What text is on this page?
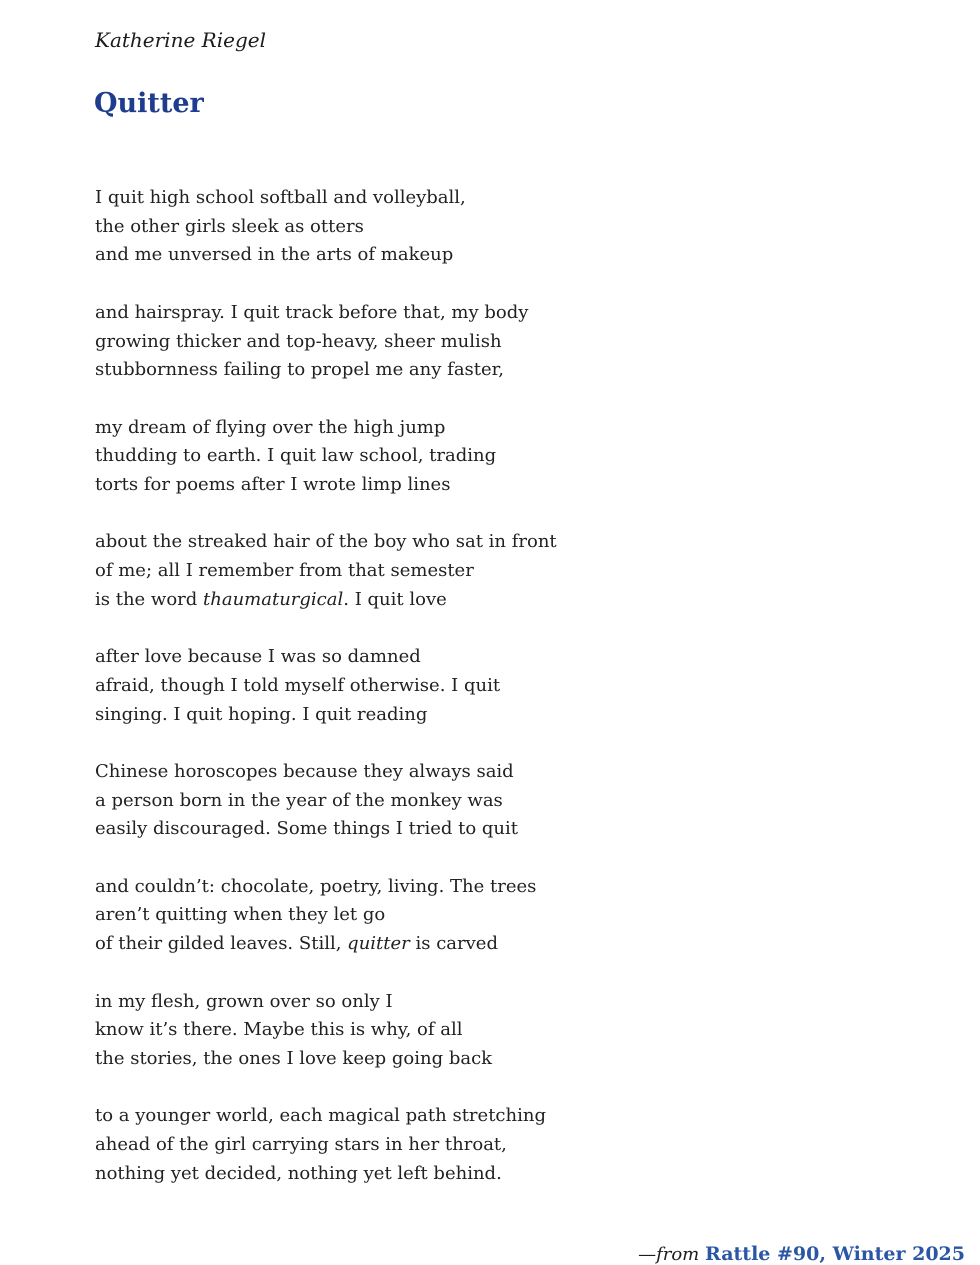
Katherine Riegel
Quitter
I quit high school softball and volleyball,
the other girls sleek as otters
and me unversed in the arts of makeup
and hairspray. I quit track before that, my body
growing thicker and top-heavy, sheer mulish
stubbornness failing to propel me any faster,
my dream of flying over the high jump
thudding to earth. I quit law school, trading
torts for poems after I wrote limp lines
about the streaked hair of the boy who sat in front
of me; all I remember from that semester
is the word thaumaturgical. I quit love
after love because I was so damned
afraid, though I told myself otherwise. I quit
singing. I quit hoping. I quit reading
Chinese horoscopes because they always said
a person born in the year of the monkey was
easily discouraged. Some things I tried to quit
and couldn’t: chocolate, poetry, living. The trees
aren’t quitting when they let go
of their gilded leaves. Still, quitter is carved
in my flesh, grown over so only I
know it’s there. Maybe this is why, of all
the stories, the ones I love keep going back
to a younger world, each magical path stretching
ahead of the girl carrying stars in her throat,
nothing yet decided, nothing yet left behind.

—from Rattle #90, Winter 2025
